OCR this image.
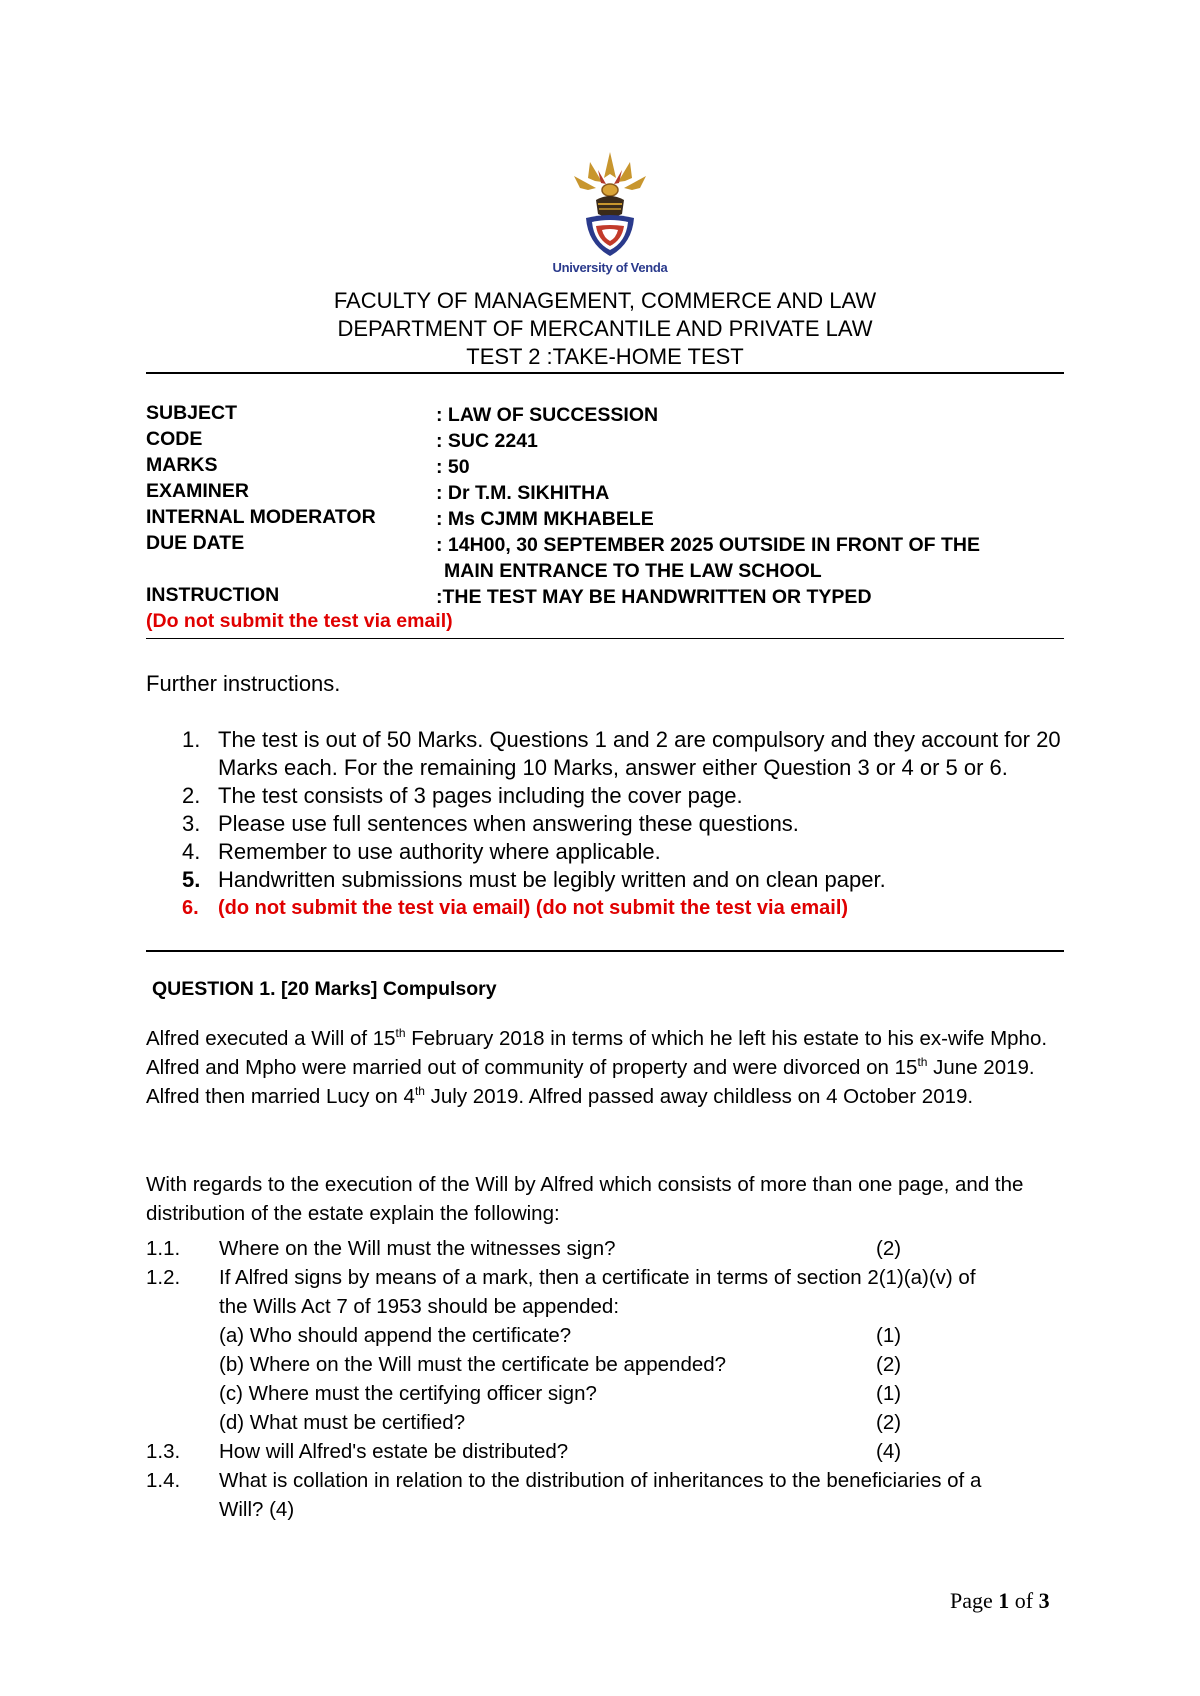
University of Venda
FACULTY OF MANAGEMENT, COMMERCE AND LAW
DEPARTMENT OF MERCANTILE AND PRIVATE LAW
TEST 2 :TAKE-HOME TEST
SUBJECT	: LAW OF SUCCESSION
CODE	: SUC 2241
MARKS	: 50
EXAMINER	: Dr T.M. SIKHITHA
INTERNAL MODERATOR	: Ms CJMM MKHABELE
DUE DATE	: 14H00, 30 SEPTEMBER 2025 OUTSIDE IN FRONT OF THE
MAIN ENTRANCE TO THE LAW SCHOOL
INSTRUCTION	:THE TEST MAY BE HANDWRITTEN OR TYPED
(Do not submit the test via email)
Further instructions.
1. The test is out of 50 Marks. Questions 1 and 2 are compulsory and they account for 20 Marks each. For the remaining 10 Marks, answer either Question 3 or 4 or 5 or 6.
2. The test consists of 3 pages including the cover page.
3. Please use full sentences when answering these questions.
4. Remember to use authority where applicable.
5. Handwritten submissions must be legibly written and on clean paper.
6. (do not submit the test via email) (do not submit the test via email)
QUESTION 1. [20 Marks] Compulsory
Alfred executed a Will of 15th February 2018 in terms of which he left his estate to his ex-wife Mpho. Alfred and Mpho were married out of community of property and were divorced on 15th June 2019. Alfred then married Lucy on 4th July 2019. Alfred passed away childless on 4 October 2019.
With regards to the execution of the Will by Alfred which consists of more than one page, and the distribution of the estate explain the following:
1.1. Where on the Will must the witnesses sign?	(2)
1.2. If Alfred signs by means of a mark, then a certificate in terms of section 2(1)(a)(v) of
the Wills Act 7 of 1953 should be appended:
(a) Who should append the certificate?	(1)
(b) Where on the Will must the certificate be appended?	(2)
(c) Where must the certifying officer sign?	(1)
(d) What must be certified?	(2)
1.3. How will Alfred's estate be distributed?	(4)
1.4. What is collation in relation to the distribution of inheritances to the beneficiaries of a
Will? (4)
Page 1 of 3
